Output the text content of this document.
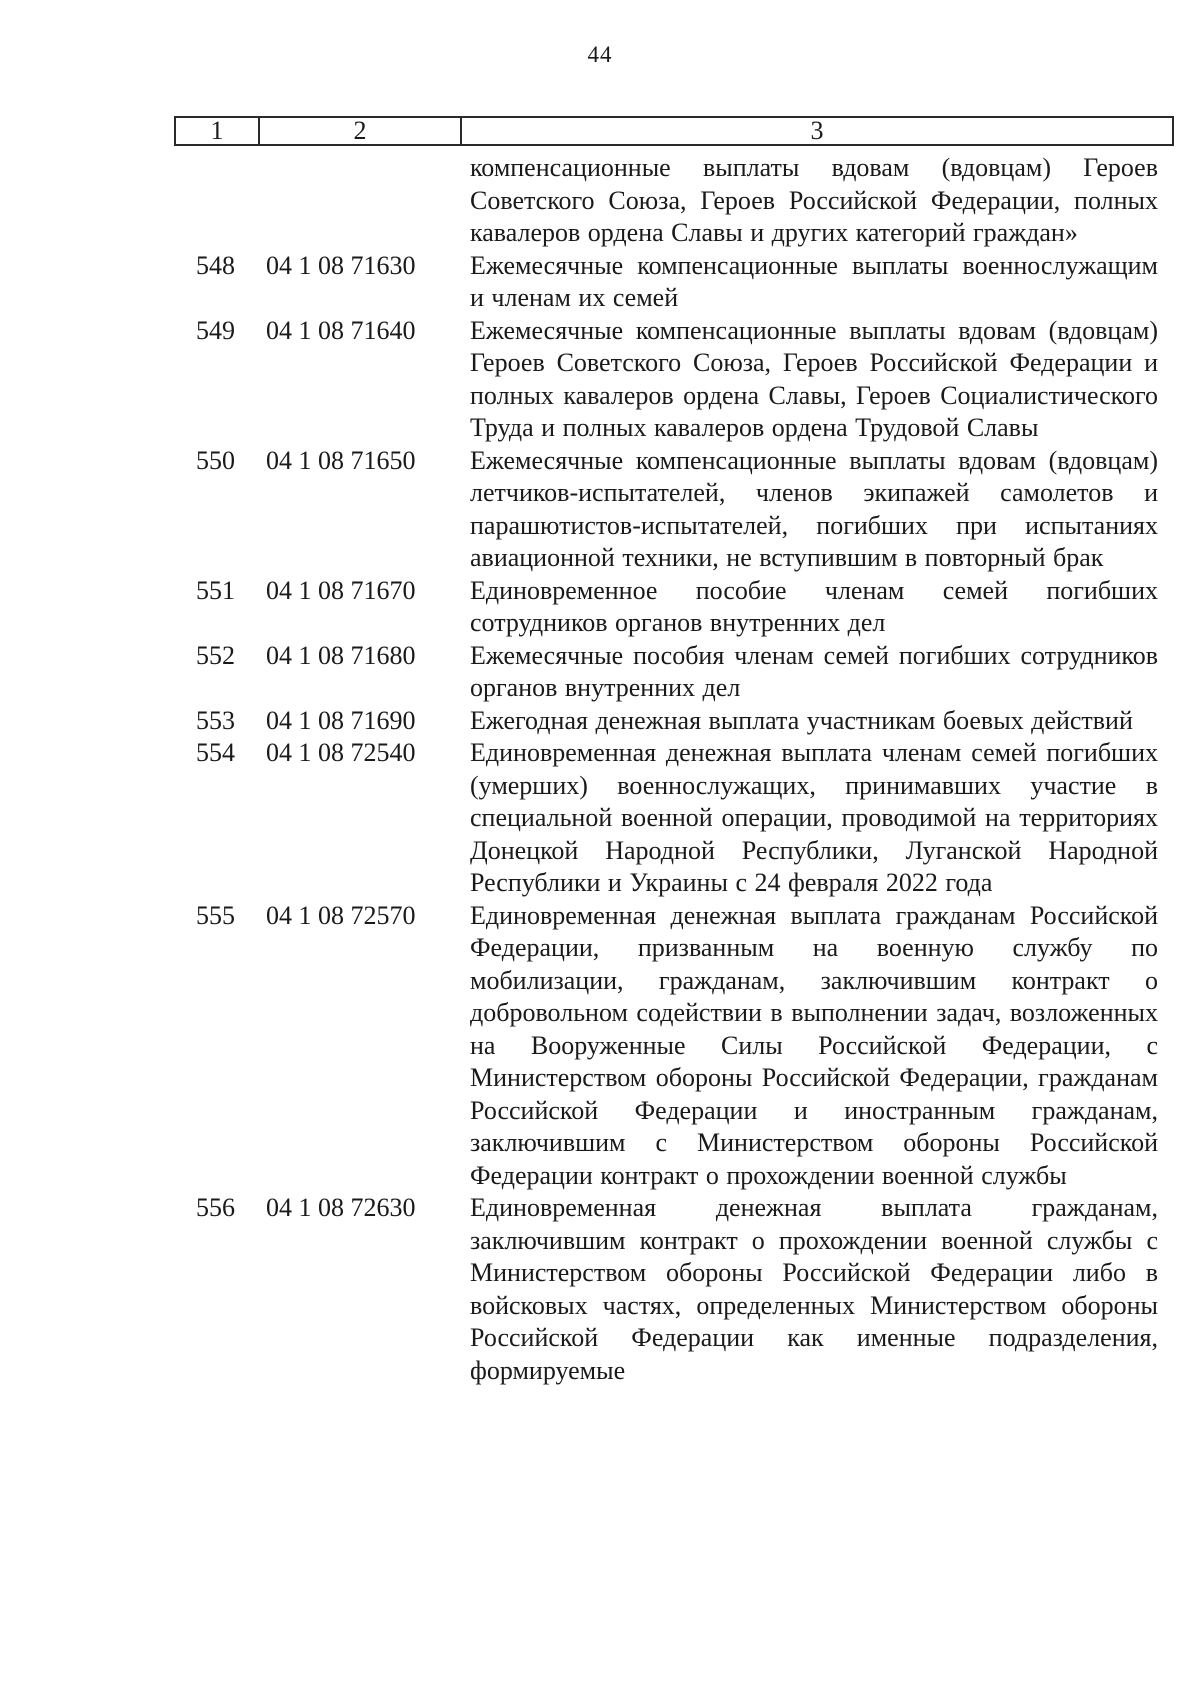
44
1	2	3
		компенсационные выплаты вдовам (вдовцам) Героев Советского Союза, Героев Российской Федерации, полных кавалеров ордена Славы и других категорий граждан»
548	04 1 08 71630	Ежемесячные компенсационные выплаты военнослужащим и членам их семей
549	04 1 08 71640	Ежемесячные компенсационные выплаты вдовам (вдовцам) Героев Советского Союза, Героев Российской Федерации и полных кавалеров ордена Славы, Героев Социалистического Труда и полных кавалеров ордена Трудовой Славы
550	04 1 08 71650	Ежемесячные компенсационные выплаты вдовам (вдовцам) летчиков-испытателей, членов экипажей самолетов и парашютистов-испытателей, погибших при испытаниях авиационной техники, не вступившим в повторный брак
551	04 1 08 71670	Единовременное пособие членам семей погибших сотрудников органов внутренних дел
552	04 1 08 71680	Ежемесячные пособия членам семей погибших сотрудников органов внутренних дел
553	04 1 08 71690	Ежегодная денежная выплата участникам боевых действий
554	04 1 08 72540	Единовременная денежная выплата членам семей погибших (умерших) военнослужащих, принимавших участие в специальной военной операции, проводимой на территориях Донецкой Народной Республики, Луганской Народной Республики и Украины с 24 февраля 2022 года
555	04 1 08 72570	Единовременная денежная выплата гражданам Российской Федерации, призванным на военную службу по мобилизации, гражданам, заключившим контракт о добровольном содействии в выполнении задач, возложенных на Вооруженные Силы Российской Федерации, с Министерством обороны Российской Федерации, гражданам Российской Федерации и иностранным гражданам, заключившим с Министерством обороны Российской Федерации контракт о прохождении военной службы
556	04 1 08 72630	Единовременная денежная выплата гражданам, заключившим контракт о прохождении военной службы с Министерством обороны Российской Федерации либо в войсковых частях, определенных Министерством обороны Российской Федерации как именные подразделения, формируемые
